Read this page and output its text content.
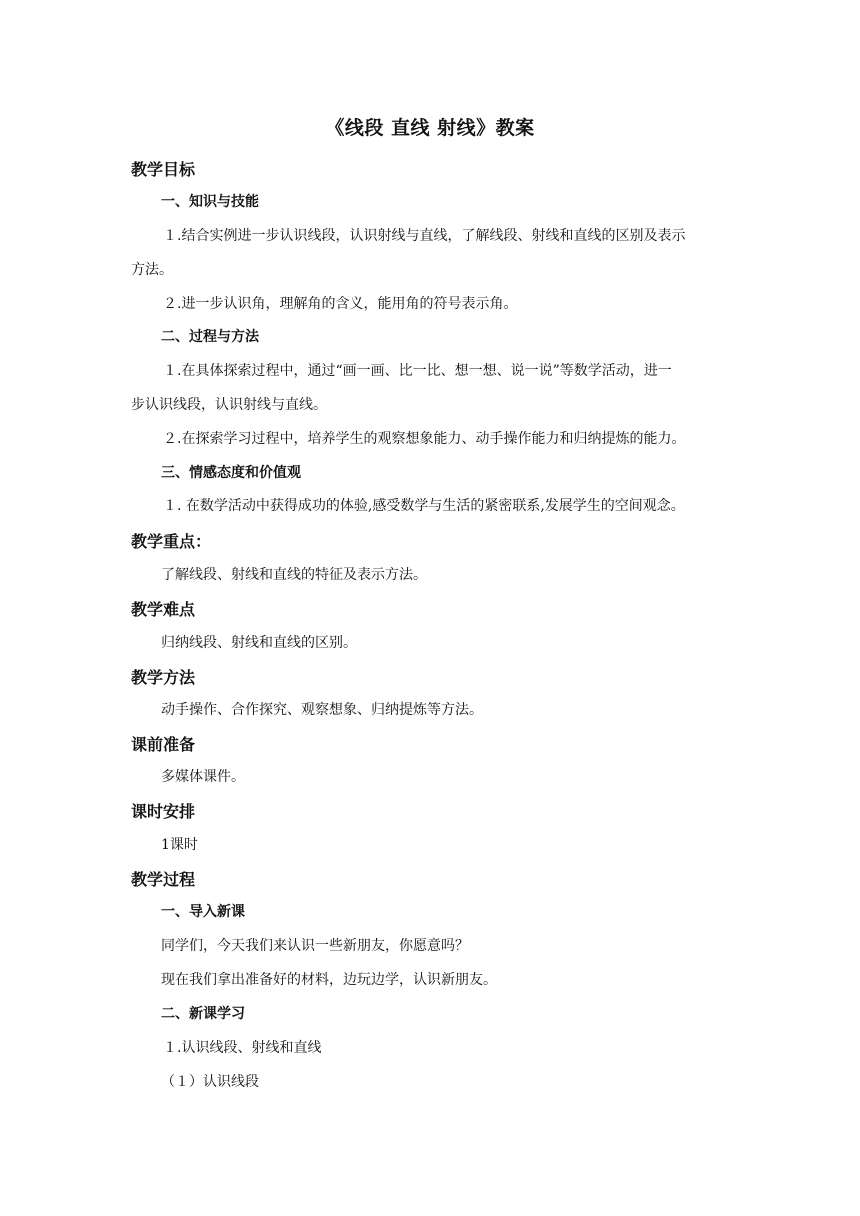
《线段 直线 射线》教案
教学目标
一、知识与技能
１.结合实例进一步认识线段，认识射线与直线，了解线段、射线和直线的区别及表示
方法。
２.进一步认识角，理解角的含义，能用角的符号表示角。
二、过程与方法
１.在具体探索过程中，通过“画一画、比一比、想一想、说一说”等数学活动，进一
步认识线段，认识射线与直线。
２.在探索学习过程中，培养学生的观察想象能力、动手操作能力和归纳提炼的能力。
三、情感态度和价值观
１. 在数学活动中获得成功的体验,感受数学与生活的紧密联系,发展学生的空间观念。
教学重点：
了解线段、射线和直线的特征及表示方法。
教学难点
归纳线段、射线和直线的区别。
教学方法
动手操作、合作探究、观察想象、归纳提炼等方法。
课前准备
多媒体课件。
课时安排
1课时
教学过程
一、导入新课
同学们，今天我们来认识一些新朋友，你愿意吗？
现在我们拿出准备好的材料，边玩边学，认识新朋友。
二、新课学习
１.认识线段、射线和直线
（１）认识线段
